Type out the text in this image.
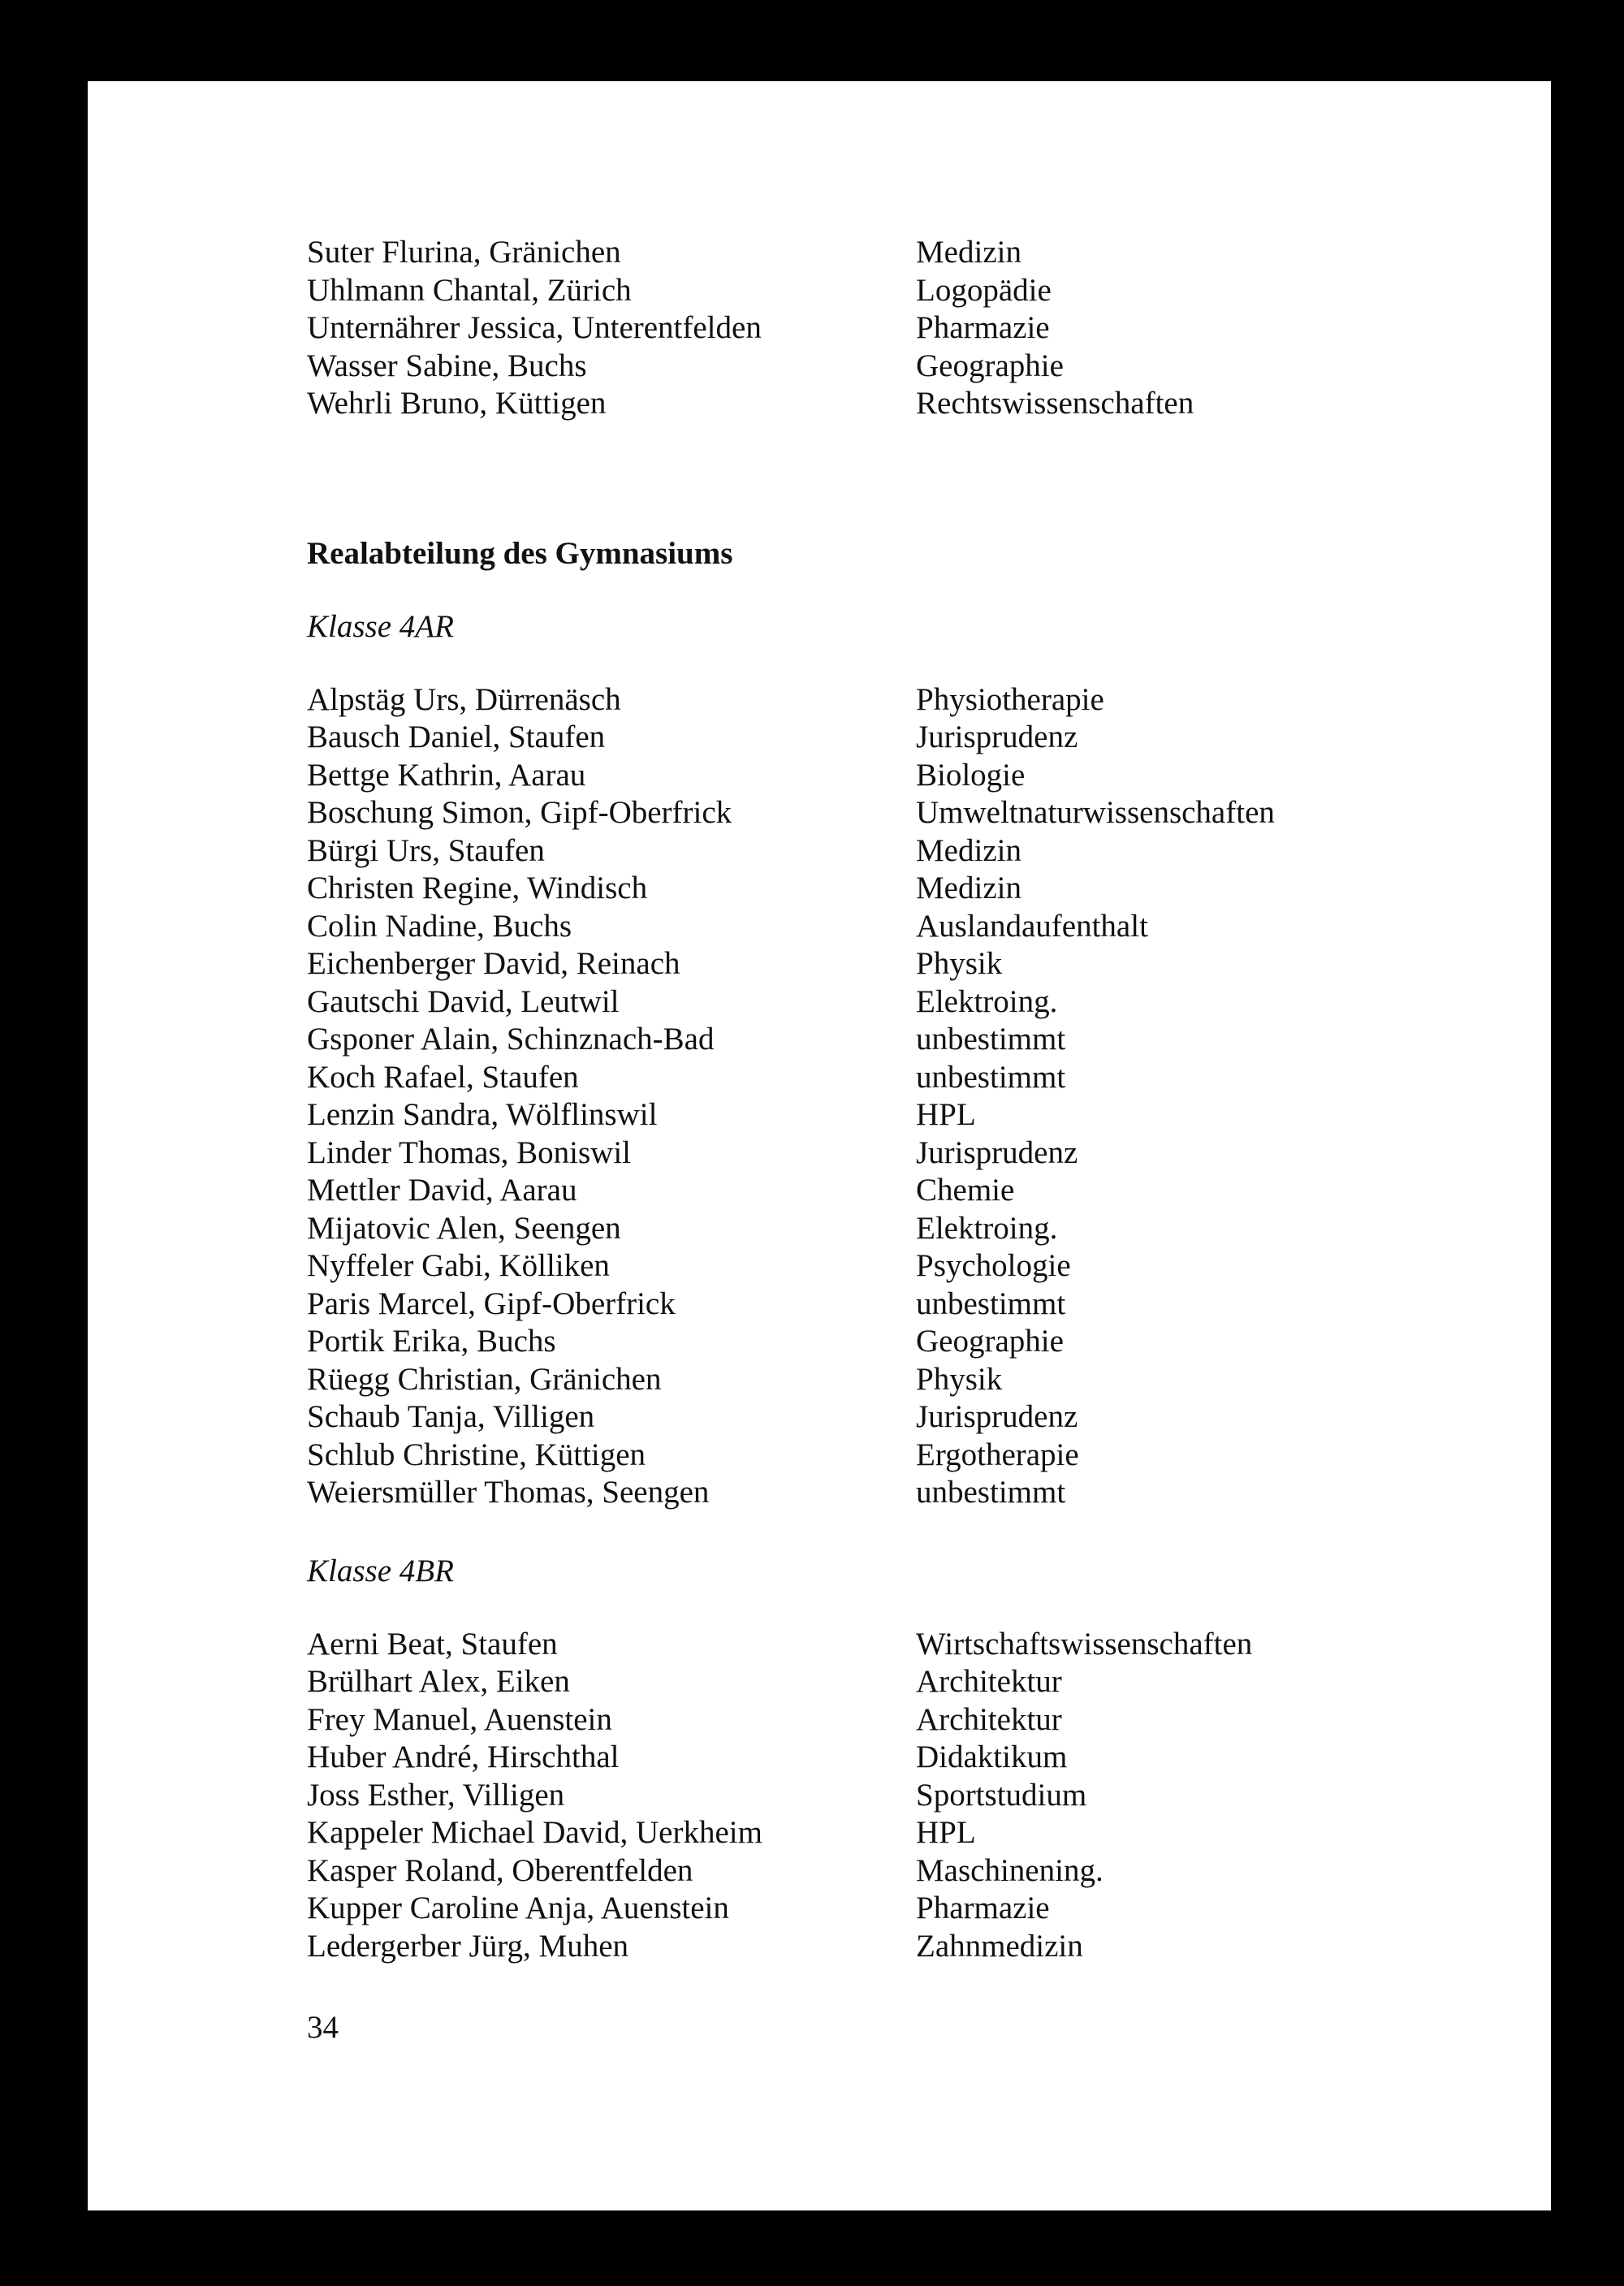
Suter Flurina, Gränichen	Medizin
Uhlmann Chantal, Zürich	Logopädie
Unternährer Jessica, Unterentfelden	Pharmazie
Wasser Sabine, Buchs	Geographie
Wehrli Bruno, Küttigen	Rechtswissenschaften
Realabteilung des Gymnasiums
Klasse 4AR
Alpstäg Urs, Dürrenäsch	Physiotherapie
Bausch Daniel, Staufen	Jurisprudenz
Bettge Kathrin, Aarau	Biologie
Boschung Simon, Gipf-Oberfrick	Umweltnaturwissenschaften
Bürgi Urs, Staufen	Medizin
Christen Regine, Windisch	Medizin
Colin Nadine, Buchs	Auslandaufenthalt
Eichenberger David, Reinach	Physik
Gautschi David, Leutwil	Elektroing.
Gsponer Alain, Schinznach-Bad	unbestimmt
Koch Rafael, Staufen	unbestimmt
Lenzin Sandra, Wölflinswil	HPL
Linder Thomas, Boniswil	Jurisprudenz
Mettler David, Aarau	Chemie
Mijatovic Alen, Seengen	Elektroing.
Nyffeler Gabi, Kölliken	Psychologie
Paris Marcel, Gipf-Oberfrick	unbestimmt
Portik Erika, Buchs	Geographie
Rüegg Christian, Gränichen	Physik
Schaub Tanja, Villigen	Jurisprudenz
Schlub Christine, Küttigen	Ergotherapie
Weiersmüller Thomas, Seengen	unbestimmt
Klasse 4BR
Aerni Beat, Staufen	Wirtschaftswissenschaften
Brülhart Alex, Eiken	Architektur
Frey Manuel, Auenstein	Architektur
Huber André, Hirschthal	Didaktikum
Joss Esther, Villigen	Sportstudium
Kappeler Michael David, Uerkheim	HPL
Kasper Roland, Oberentfelden	Maschinening.
Kupper Caroline Anja, Auenstein	Pharmazie
Ledergerber Jürg, Muhen	Zahnmedizin
34
